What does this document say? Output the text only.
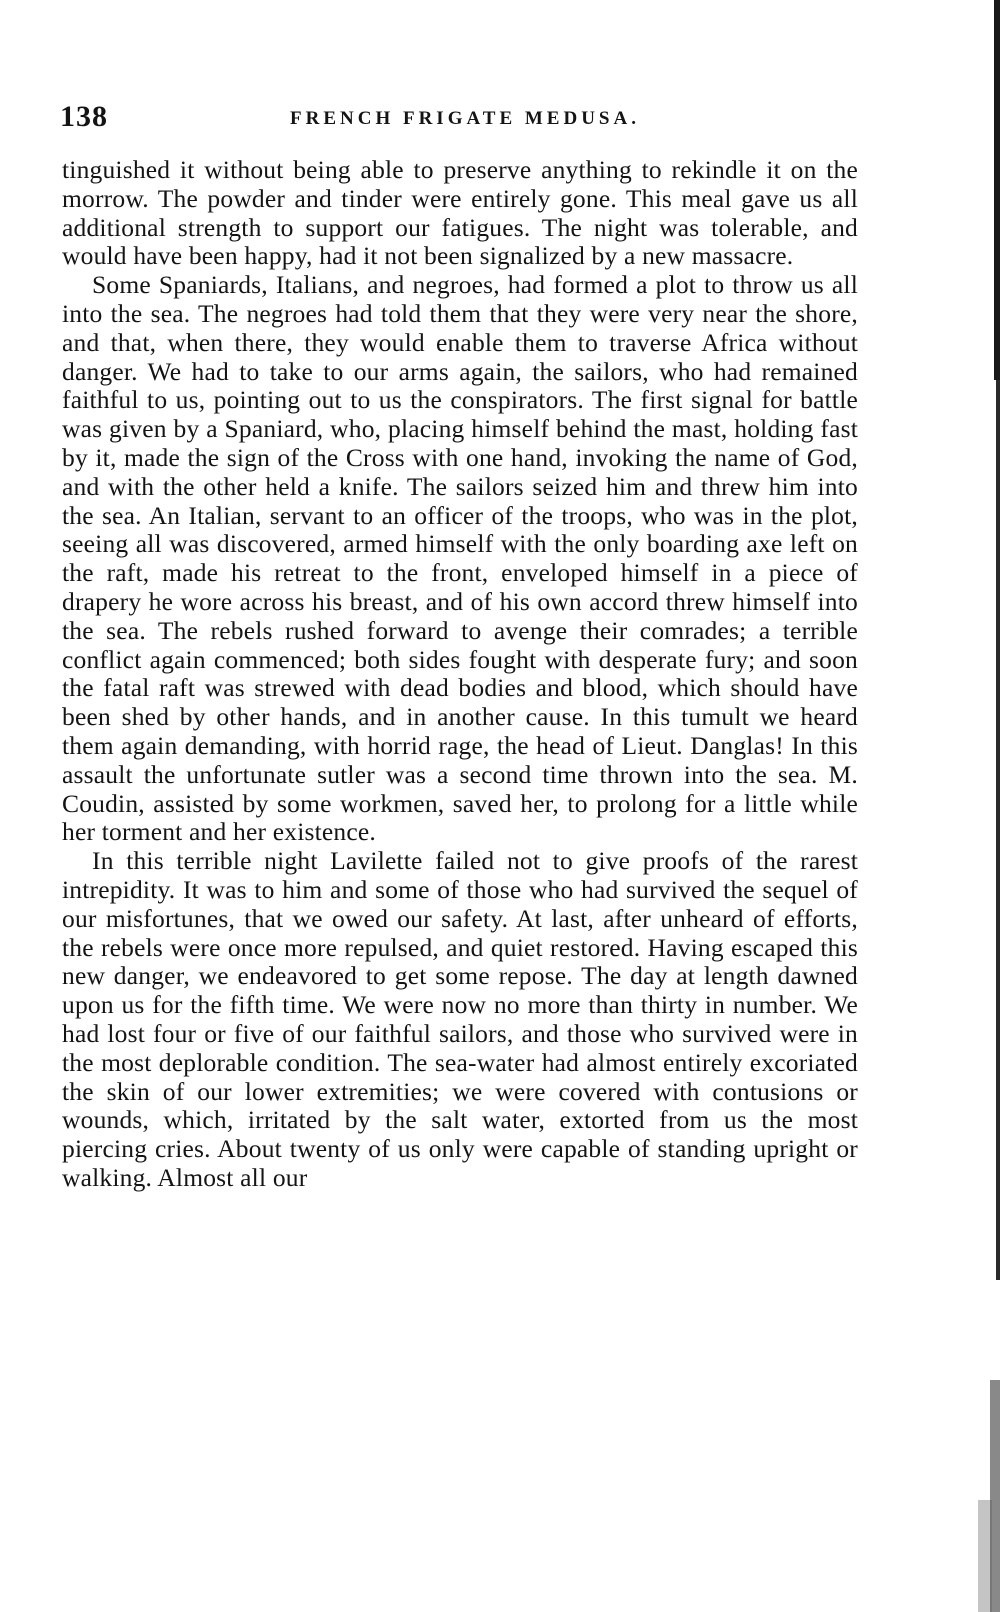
138	FRENCH FRIGATE MEDUSA.

tinguished it without being able to preserve anything to rekindle it on the morrow. The powder and tinder were entirely gone. This meal gave us all additional strength to support our fatigues. The night was tolerable, and would have been happy, had it not been signalized by a new massacre.

Some Spaniards, Italians, and negroes, had formed a plot to throw us all into the sea. The negroes had told them that they were very near the shore, and that, when there, they would enable them to traverse Africa without danger. We had to take to our arms again, the sailors, who had remained faithful to us, pointing out to us the conspirators. The first signal for battle was given by a Spaniard, who, placing himself behind the mast, holding fast by it, made the sign of the Cross with one hand, invoking the name of God, and with the other held a knife. The sailors seized him and threw him into the sea. An Italian, servant to an officer of the troops, who was in the plot, seeing all was discovered, armed himself with the only boarding axe left on the raft, made his retreat to the front, enveloped himself in a piece of drapery he wore across his breast, and of his own accord threw himself into the sea. The rebels rushed forward to avenge their comrades; a terrible conflict again commenced; both sides fought with desperate fury; and soon the fatal raft was strewed with dead bodies and blood, which should have been shed by other hands, and in another cause. In this tumult we heard them again demanding, with horrid rage, the head of Lieut. Danglas! In this assault the unfortunate sutler was a second time thrown into the sea. M. Coudin, assisted by some workmen, saved her, to prolong for a little while her torment and her existence.

In this terrible night Lavilette failed not to give proofs of the rarest intrepidity. It was to him and some of those who had survived the sequel of our misfortunes, that we owed our safety. At last, after unheard of efforts, the rebels were once more repulsed, and quiet restored. Having escaped this new danger, we endeavored to get some repose. The day at length dawned upon us for the fifth time. We were now no more than thirty in number. We had lost four or five of our faithful sailors, and those who survived were in the most deplorable condition. The sea-water had almost entirely excoriated the skin of our lower extremities; we were covered with contusions or wounds, which, irritated by the salt water, extorted from us the most piercing cries. About twenty of us only were capable of standing upright or walking. Almost all our
